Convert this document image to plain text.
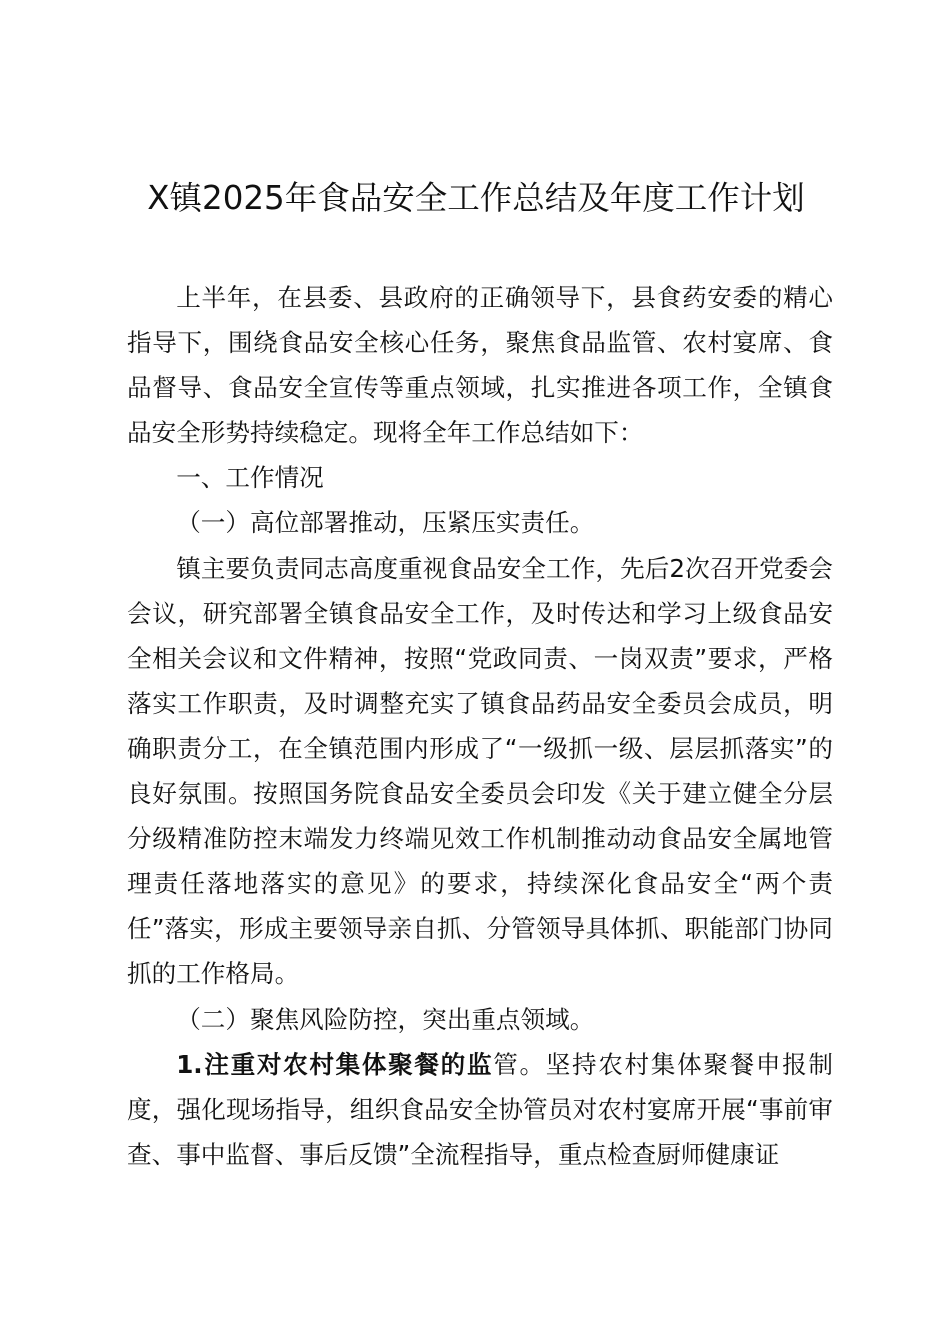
X镇2025年食品安全工作总结及年度工作计划

上半年，在县委、县政府的正确领导下，县食药安委的精心指导下，围绕食品安全核心任务，聚焦食品监管、农村宴席、食品督导、食品安全宣传等重点领域，扎实推进各项工作，全镇食品安全形势持续稳定。现将全年工作总结如下：

一、工作情况

（一）高位部署推动，压紧压实责任。

镇主要负责同志高度重视食品安全工作，先后2次召开党委会会议，研究部署全镇食品安全工作，及时传达和学习上级食品安全相关会议和文件精神，按照“党政同责、一岗双责”要求，严格落实工作职责，及时调整充实了镇食品药品安全委员会成员，明确职责分工，在全镇范围内形成了“一级抓一级、层层抓落实”的良好氛围。按照国务院食品安全委员会印发《关于建立健全分层分级精准防控末端发力终端见效工作机制推动动食品安全属地管理责任落地落实的意见》的要求，持续深化食品安全“两个责任”落实，形成主要领导亲自抓、分管领导具体抓、职能部门协同抓的工作格局。

（二）聚焦风险防控，突出重点领域。

1.注重对农村集体聚餐的监管。坚持农村集体聚餐申报制度，强化现场指导，组织食品安全协管员对农村宴席开展“事前审查、事中监督、事后反馈”全流程指导，重点检查厨师健康证
